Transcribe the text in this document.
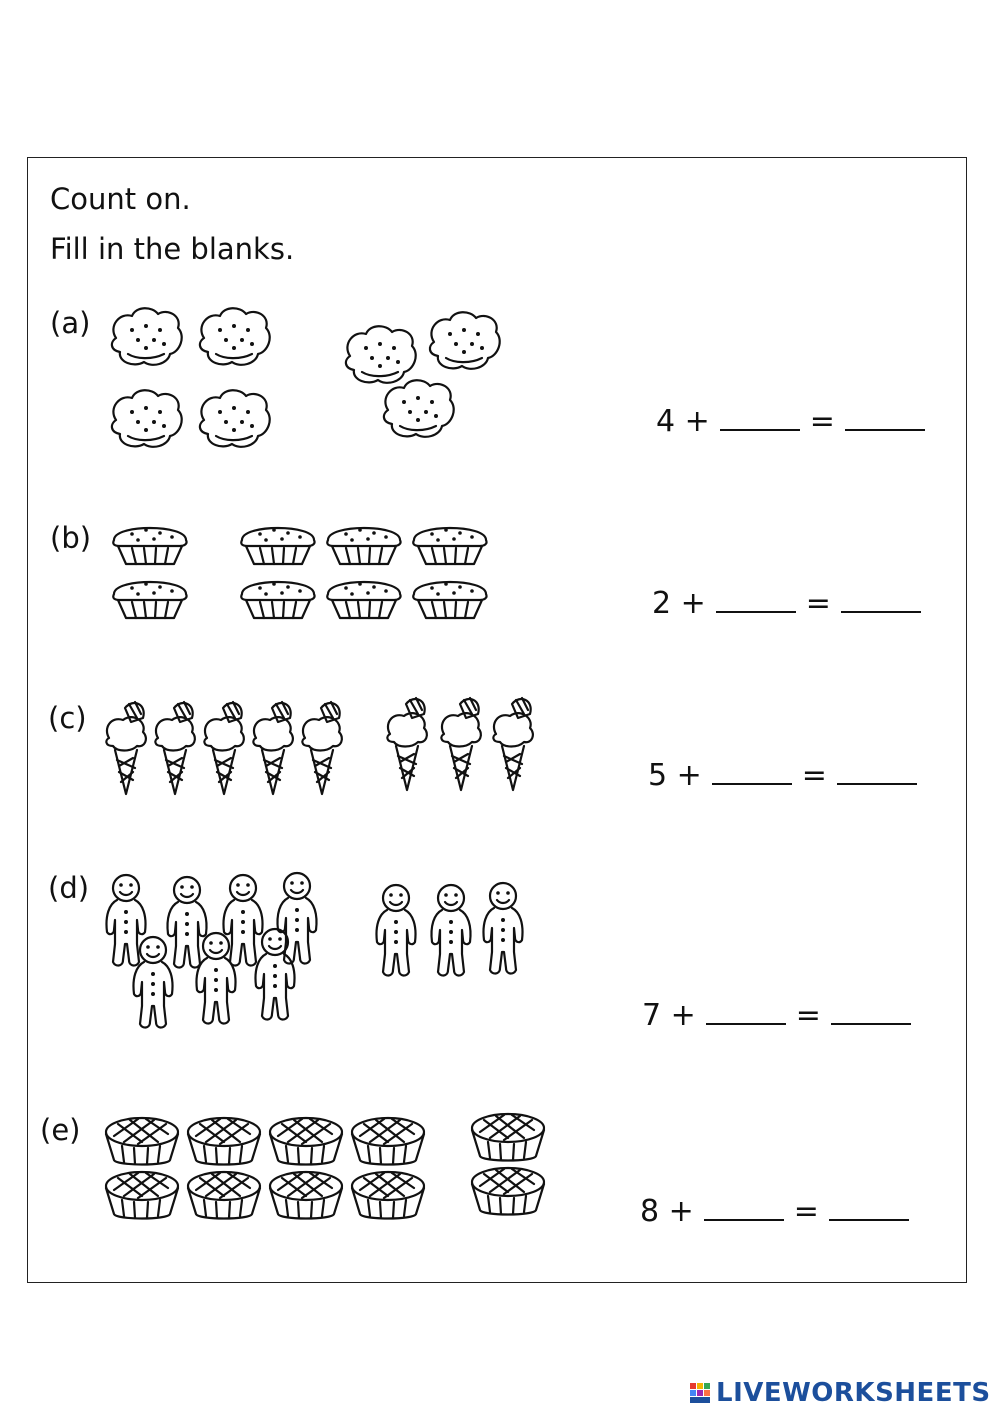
Count on.

Fill in the blanks.

(a)
4 +	=
(b)
2 +	=
(c)
5 +	=
(d)
7 +	=
(e)
8 +	=
LIVEWORKSHEETS
